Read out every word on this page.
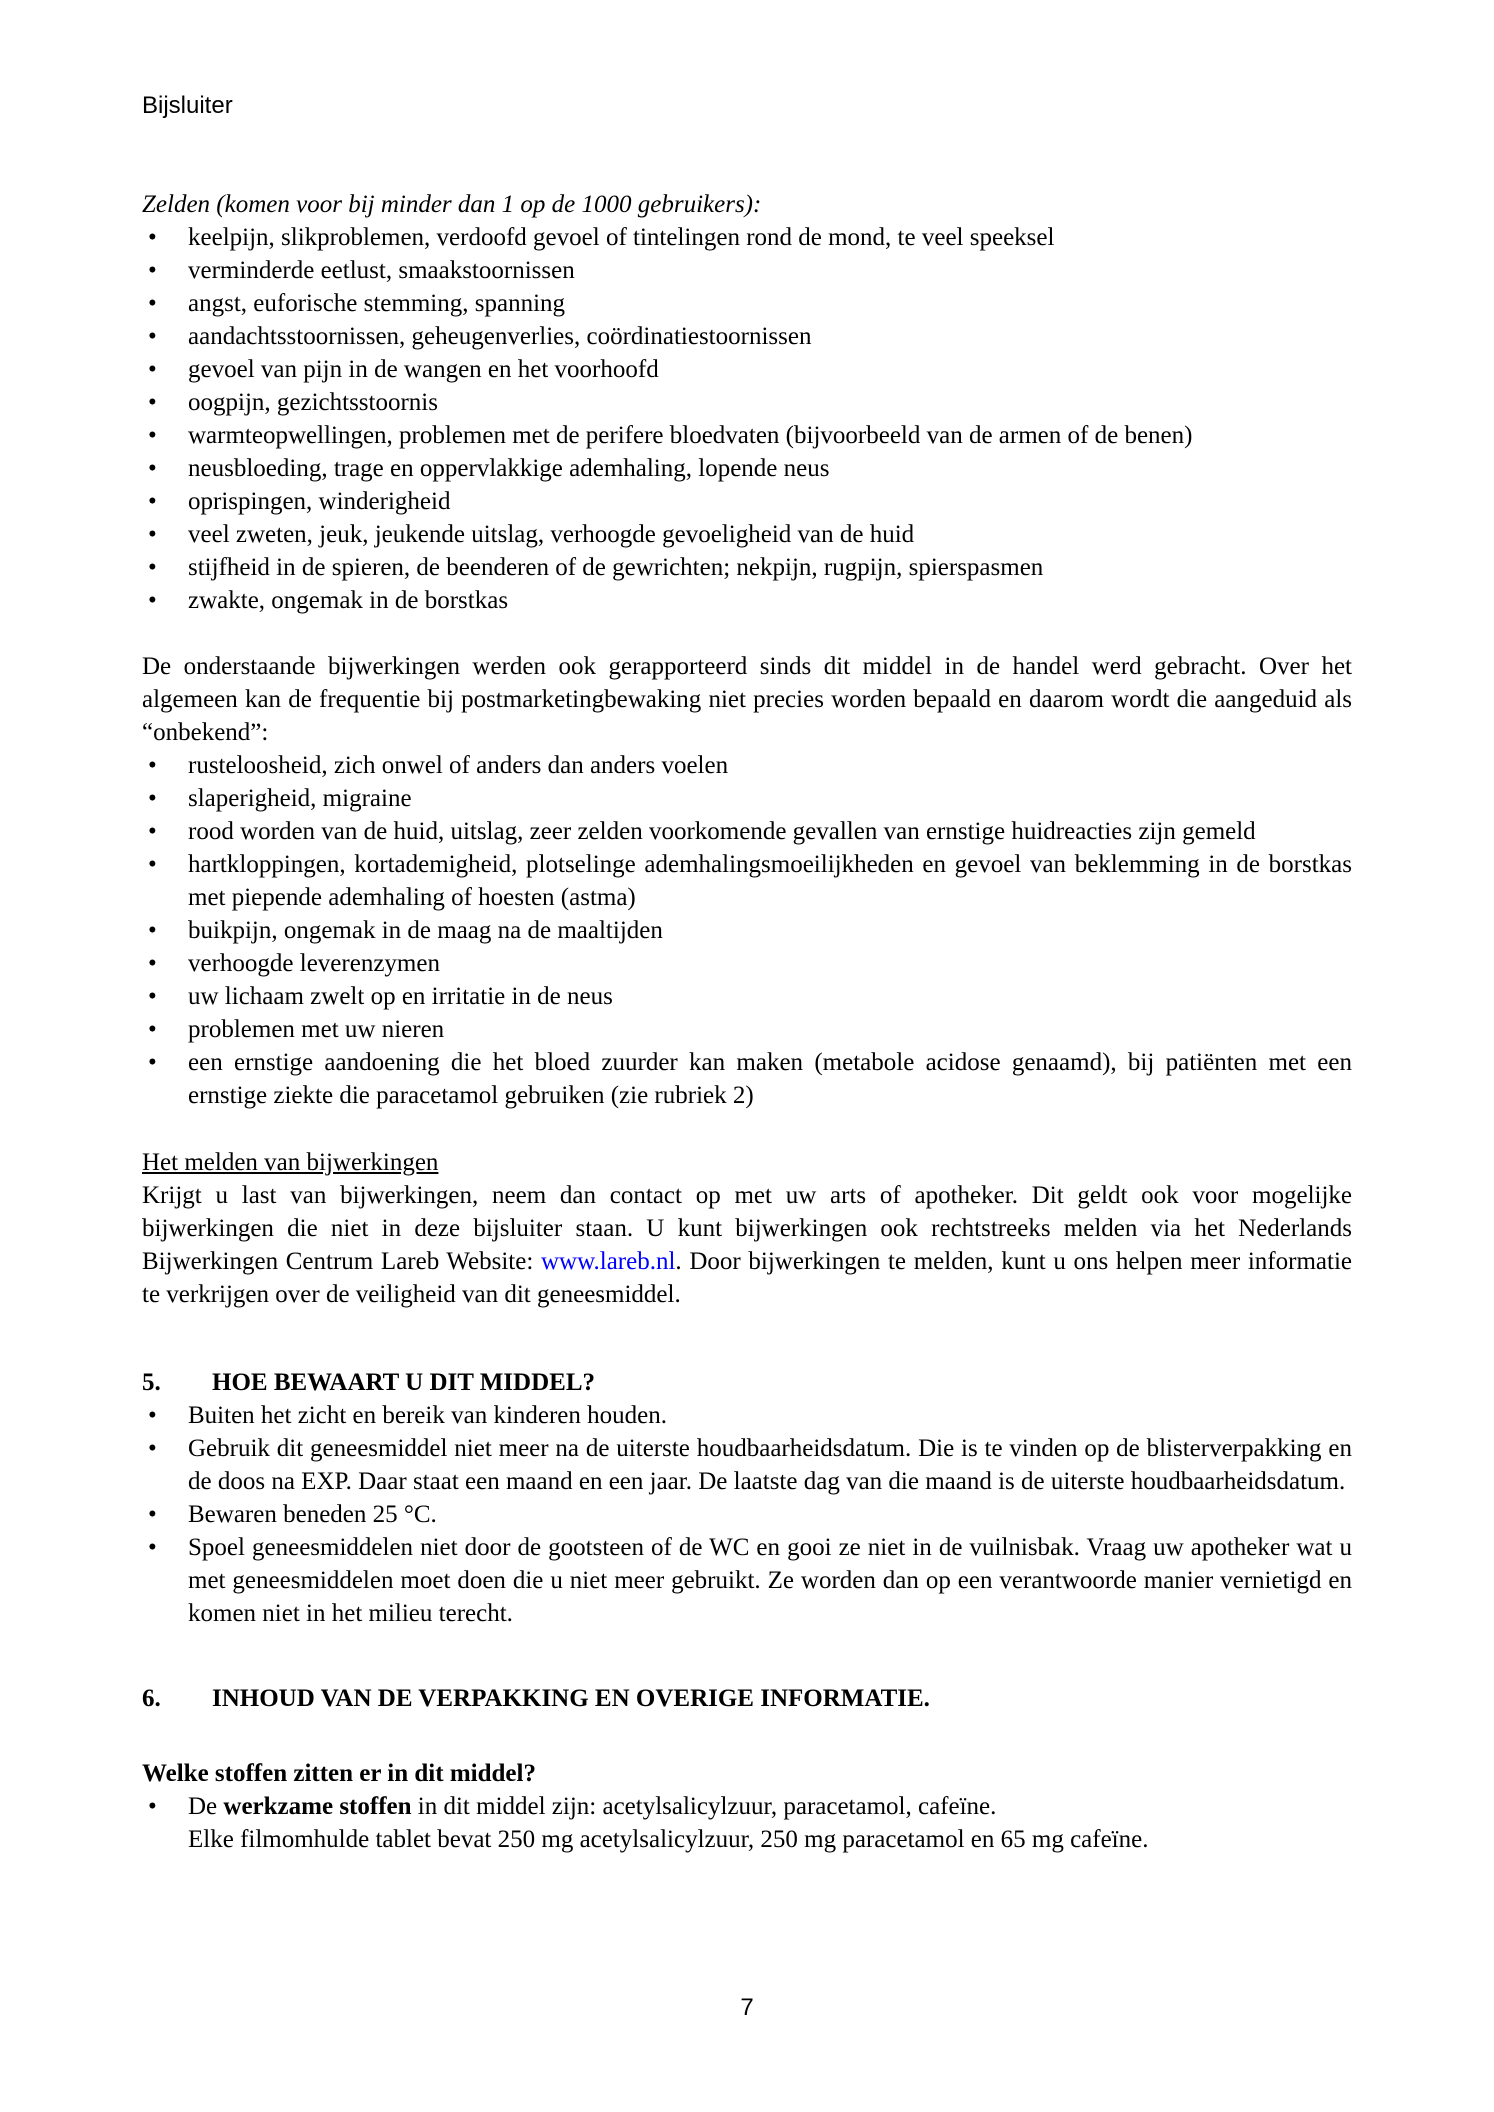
Bijsluiter
Zelden (komen voor bij minder dan 1 op de 1000 gebruikers):
• keelpijn, slikproblemen, verdoofd gevoel of tintelingen rond de mond, te veel speeksel
• verminderde eetlust, smaakstoornissen
• angst, euforische stemming, spanning
• aandachtsstoornissen, geheugenverlies, coördinatiestoornissen
• gevoel van pijn in de wangen en het voorhoofd
• oogpijn, gezichtsstoornis
• warmteopwellingen, problemen met de perifere bloedvaten (bijvoorbeeld van de armen of de benen)
• neusbloeding, trage en oppervlakkige ademhaling, lopende neus
• oprispingen, winderigheid
• veel zweten, jeuk, jeukende uitslag, verhoogde gevoeligheid van de huid
• stijfheid in de spieren, de beenderen of de gewrichten; nekpijn, rugpijn, spierspasmen
• zwakte, ongemak in de borstkas

De onderstaande bijwerkingen werden ook gerapporteerd sinds dit middel in de handel werd gebracht. Over het algemeen kan de frequentie bij postmarketingbewaking niet precies worden bepaald en daarom wordt die aangeduid als “onbekend”:

• rusteloosheid, zich onwel of anders dan anders voelen
• slaperigheid, migraine
• rood worden van de huid, uitslag, zeer zelden voorkomende gevallen van ernstige huidreacties zijn gemeld
• hartkloppingen, kortademigheid, plotselinge ademhalingsmoeilijkheden en gevoel van beklemming in de borstkas met piepende ademhaling of hoesten (astma)
• buikpijn, ongemak in de maag na de maaltijden
• verhoogde leverenzymen
• uw lichaam zwelt op en irritatie in de neus
• problemen met uw nieren
• een ernstige aandoening die het bloed zuurder kan maken (metabole acidose genaamd), bij patiënten met een ernstige ziekte die paracetamol gebruiken (zie rubriek 2)
Het melden van bijwerkingen

Krijgt u last van bijwerkingen, neem dan contact op met uw arts of apotheker. Dit geldt ook voor mogelijke bijwerkingen die niet in deze bijsluiter staan. U kunt bijwerkingen ook rechtstreeks melden via het Nederlands Bijwerkingen Centrum Lareb Website: www.lareb.nl. Door bijwerkingen te melden, kunt u ons helpen meer informatie te verkrijgen over de veiligheid van dit geneesmiddel.

5. HOE BEWAART U DIT MIDDEL?
• Buiten het zicht en bereik van kinderen houden.
• Gebruik dit geneesmiddel niet meer na de uiterste houdbaarheidsdatum. Die is te vinden op de blisterverpakking en de doos na EXP. Daar staat een maand en een jaar. De laatste dag van die maand is de uiterste houdbaarheidsdatum.
• Bewaren beneden 25 °C.
• Spoel geneesmiddelen niet door de gootsteen of de WC en gooi ze niet in de vuilnisbak. Vraag uw apotheker wat u met geneesmiddelen moet doen die u niet meer gebruikt. Ze worden dan op een verantwoorde manier vernietigd en komen niet in het milieu terecht.
6. INHOUD VAN DE VERPAKKING EN OVERIGE INFORMATIE.
Welke stoffen zitten er in dit middel?
• De werkzame stoffen in dit middel zijn: acetylsalicylzuur, paracetamol, cafeïne.
Elke filmomhulde tablet bevat 250 mg acetylsalicylzuur, 250 mg paracetamol en 65 mg cafeïne.
7
